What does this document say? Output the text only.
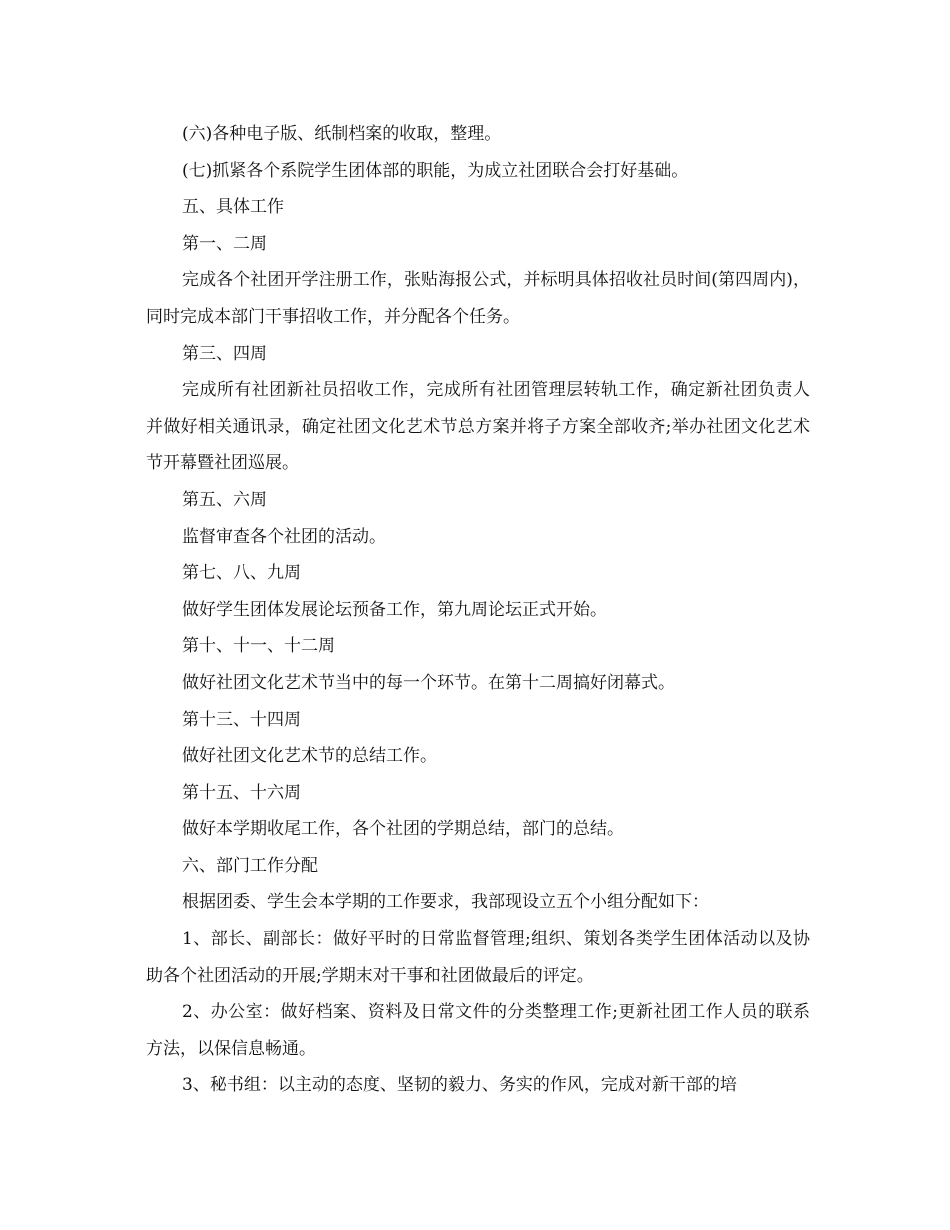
(六)各种电子版、纸制档案的收取，整理。

(七)抓紧各个系院学生团体部的职能，为成立社团联合会打好基础。

五、具体工作

第一、二周

完成各个社团开学注册工作，张贴海报公式，并标明具体招收社员时间(第四周内)，同时完成本部门干事招收工作，并分配各个任务。

第三、四周

完成所有社团新社员招收工作，完成所有社团管理层转轨工作，确定新社团负责人并做好相关通讯录，确定社团文化艺术节总方案并将子方案全部收齐;举办社团文化艺术节开幕暨社团巡展。

第五、六周

监督审查各个社团的活动。

第七、八、九周

做好学生团体发展论坛预备工作，第九周论坛正式开始。

第十、十一、十二周

做好社团文化艺术节当中的每一个环节。在第十二周搞好闭幕式。

第十三、十四周

做好社团文化艺术节的总结工作。

第十五、十六周

做好本学期收尾工作，各个社团的学期总结，部门的总结。

六、部门工作分配

根据团委、学生会本学期的工作要求，我部现设立五个小组分配如下：

1、部长、副部长：做好平时的日常监督管理;组织、策划各类学生团体活动以及协助各个社团活动的开展;学期末对干事和社团做最后的评定。

2、办公室：做好档案、资料及日常文件的分类整理工作;更新社团工作人员的联系方法，以保信息畅通。

3、秘书组：以主动的态度、坚韧的毅力、务实的作风，完成对新干部的培
